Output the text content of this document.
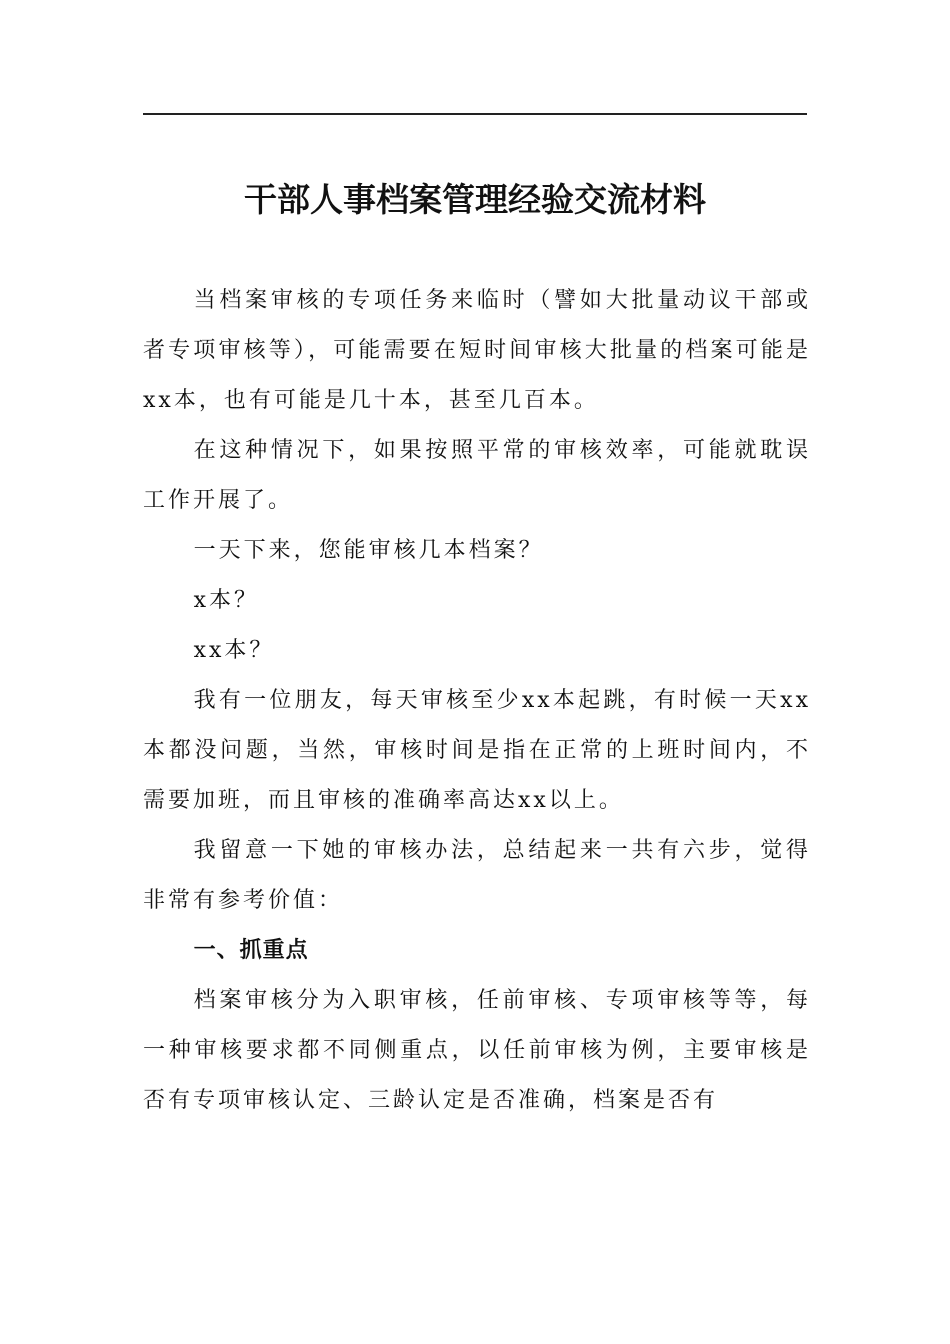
干部人事档案管理经验交流材料

当档案审核的专项任务来临时（譬如大批量动议干部或者专项审核等），可能需要在短时间审核大批量的档案可能是xx本，也有可能是几十本，甚至几百本。

在这种情况下，如果按照平常的审核效率，可能就耽误工作开展了。

一天下来，您能审核几本档案？

x本？

xx本？

我有一位朋友，每天审核至少xx本起跳，有时候一天xx本都没问题，当然，审核时间是指在正常的上班时间内，不需要加班，而且审核的准确率高达xx以上。

我留意一下她的审核办法，总结起来一共有六步，觉得非常有参考价值：

一、抓重点

档案审核分为入职审核，任前审核、专项审核等等，每一种审核要求都不同侧重点，以任前审核为例，主要审核是否有专项审核认定、三龄认定是否准确，档案是否有
